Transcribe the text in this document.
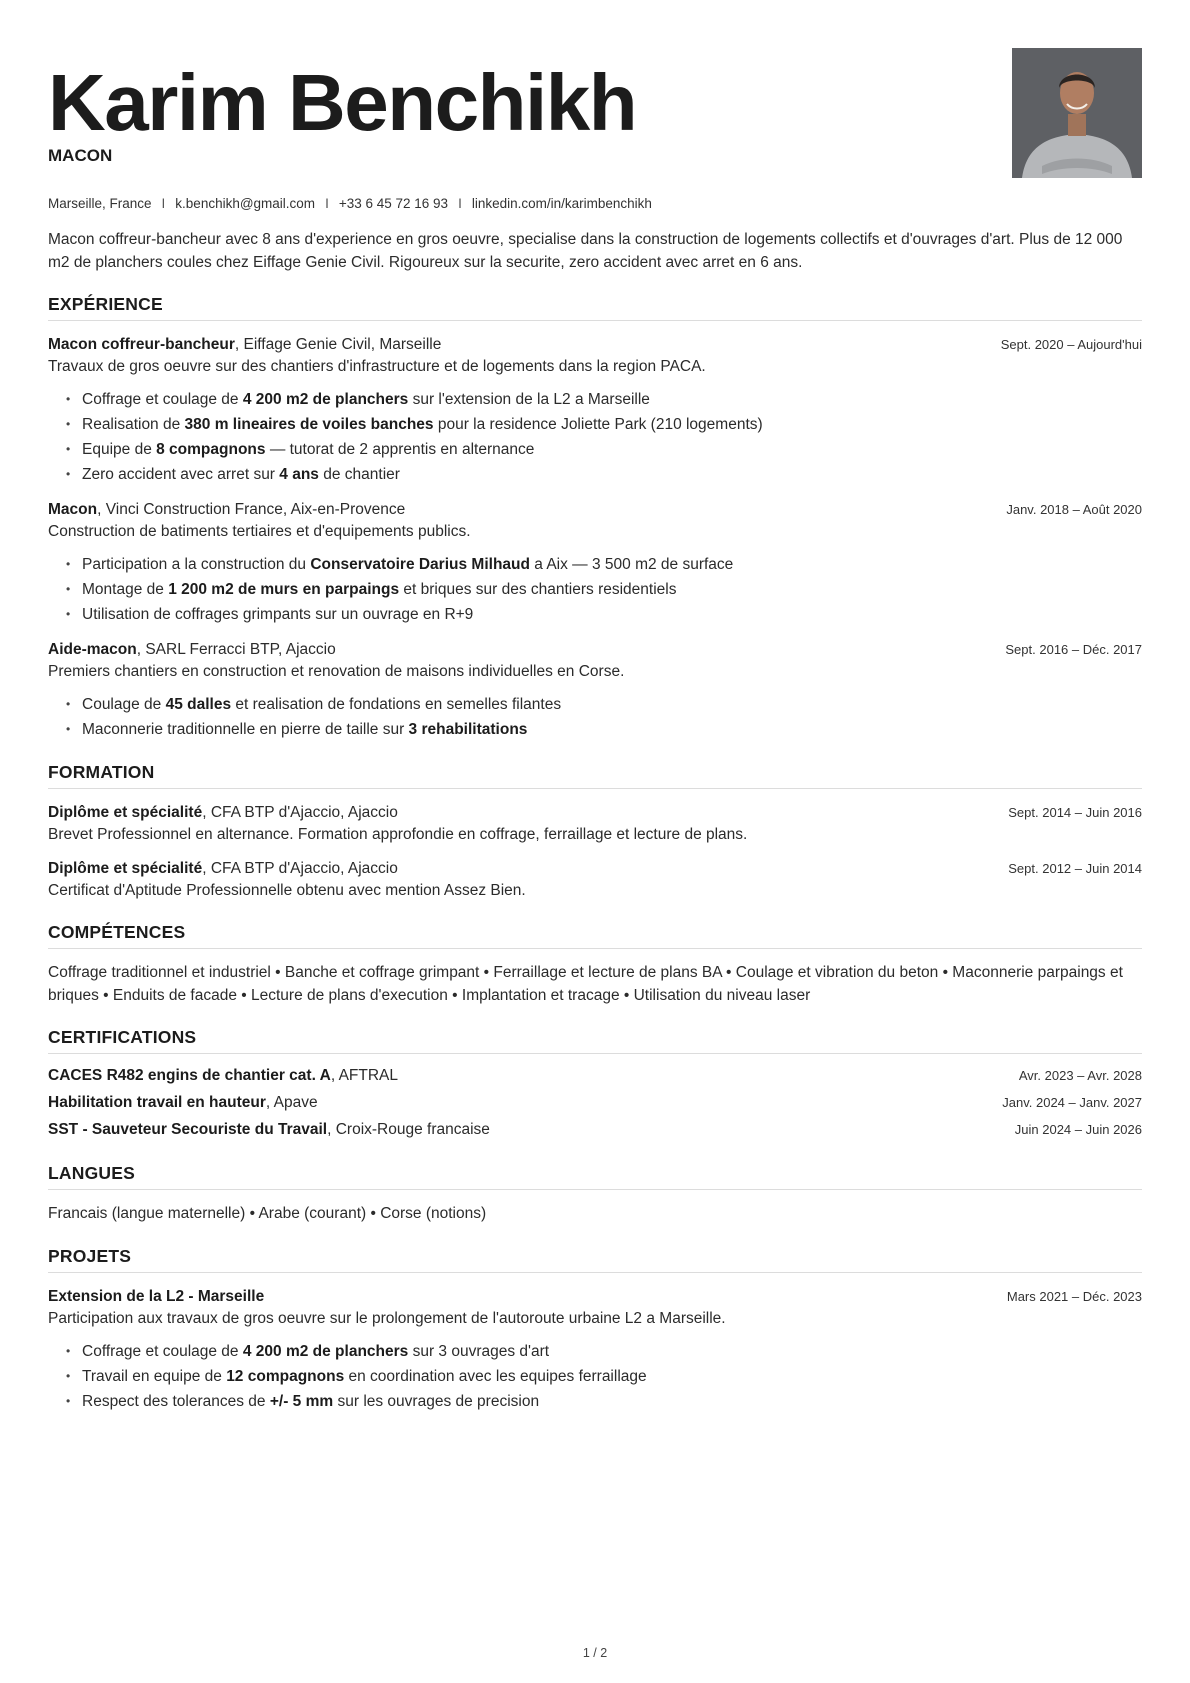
Karim Benchikh
MACON
Marseille, France I k.benchikh@gmail.com I +33 6 45 72 16 93 I linkedin.com/in/karimbenchikh
Macon coffreur-bancheur avec 8 ans d'experience en gros oeuvre, specialise dans la construction de logements collectifs et d'ouvrages d'art. Plus de 12 000 m2 de planchers coules chez Eiffage Genie Civil. Rigoureux sur la securite, zero accident avec arret en 6 ans.
EXPÉRIENCE
Macon coffreur-bancheur, Eiffage Genie Civil, Marseille	Sept. 2020 – Aujourd'hui
Travaux de gros oeuvre sur des chantiers d'infrastructure et de logements dans la region PACA.
• Coffrage et coulage de 4 200 m2 de planchers sur l'extension de la L2 a Marseille
• Realisation de 380 m lineaires de voiles banches pour la residence Joliette Park (210 logements)
• Equipe de 8 compagnons — tutorat de 2 apprentis en alternance
• Zero accident avec arret sur 4 ans de chantier
Macon, Vinci Construction France, Aix-en-Provence	Janv. 2018 – Août 2020
Construction de batiments tertiaires et d'equipements publics.
• Participation a la construction du Conservatoire Darius Milhaud a Aix — 3 500 m2 de surface
• Montage de 1 200 m2 de murs en parpaings et briques sur des chantiers residentiels
• Utilisation de coffrages grimpants sur un ouvrage en R+9
Aide-macon, SARL Ferracci BTP, Ajaccio	Sept. 2016 – Déc. 2017
Premiers chantiers en construction et renovation de maisons individuelles en Corse.
• Coulage de 45 dalles et realisation de fondations en semelles filantes
• Maconnerie traditionnelle en pierre de taille sur 3 rehabilitations
FORMATION
Diplôme et spécialité, CFA BTP d'Ajaccio, Ajaccio	Sept. 2014 – Juin 2016
Brevet Professionnel en alternance. Formation approfondie en coffrage, ferraillage et lecture de plans.
Diplôme et spécialité, CFA BTP d'Ajaccio, Ajaccio	Sept. 2012 – Juin 2014
Certificat d'Aptitude Professionnelle obtenu avec mention Assez Bien.
COMPÉTENCES
Coffrage traditionnel et industriel • Banche et coffrage grimpant • Ferraillage et lecture de plans BA • Coulage et vibration du beton • Maconnerie parpaings et briques • Enduits de facade • Lecture de plans d'execution • Implantation et tracage • Utilisation du niveau laser
CERTIFICATIONS
CACES R482 engins de chantier cat. A, AFTRAL	Avr. 2023 – Avr. 2028
Habilitation travail en hauteur, Apave	Janv. 2024 – Janv. 2027
SST - Sauveteur Secouriste du Travail, Croix-Rouge francaise	Juin 2024 – Juin 2026
LANGUES
Francais (langue maternelle) • Arabe (courant) • Corse (notions)
PROJETS
Extension de la L2 - Marseille	Mars 2021 – Déc. 2023
Participation aux travaux de gros oeuvre sur le prolongement de l'autoroute urbaine L2 a Marseille.
• Coffrage et coulage de 4 200 m2 de planchers sur 3 ouvrages d'art
• Travail en equipe de 12 compagnons en coordination avec les equipes ferraillage
• Respect des tolerances de +/- 5 mm sur les ouvrages de precision
1 / 2
